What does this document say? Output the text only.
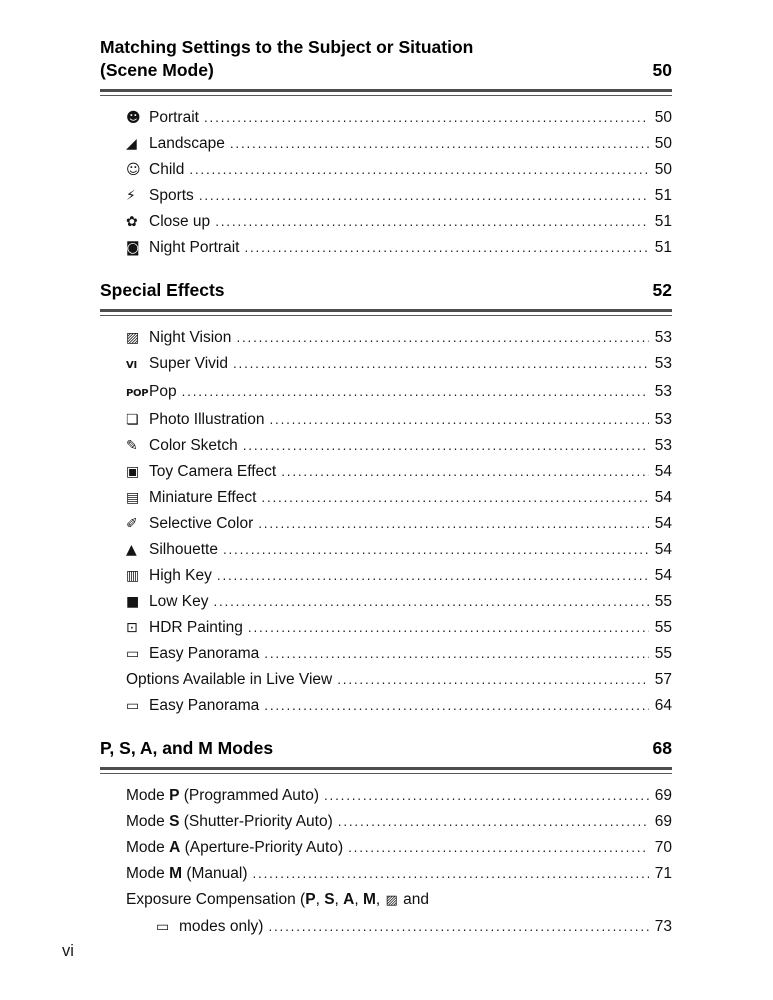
Matching Settings to the Subject or Situation
(Scene Mode)	50
☻ Portrait .....	50
◢ Landscape .....	50
☺ Child .....	50
⚡ Sports .....	51
✿ Close up .....	51
◙ Night Portrait .....	51
Special Effects	52
▨ Night Vision .....	53
VI Super Vivid .....	53
POP Pop .....	53
❏ Photo Illustration .....	53
✎ Color Sketch .....	53
▣ Toy Camera Effect .....	54
▤ Miniature Effect .....	54
✐ Selective Color .....	54
▲ Silhouette .....	54
▥ High Key .....	54
■ Low Key .....	55
⊡ HDR Painting .....	55
▭ Easy Panorama .....	55
Options Available in Live View .....	57
▭ Easy Panorama .....	64
P, S, A, and M Modes	68
Mode P (Programmed Auto) .....	69
Mode S (Shutter-Priority Auto) .....	69
Mode A (Aperture-Priority Auto) .....	70
Mode M (Manual) .....	71
Exposure Compensation (P, S, A, M, ▨ and
▭ modes only) .....	73
vi
